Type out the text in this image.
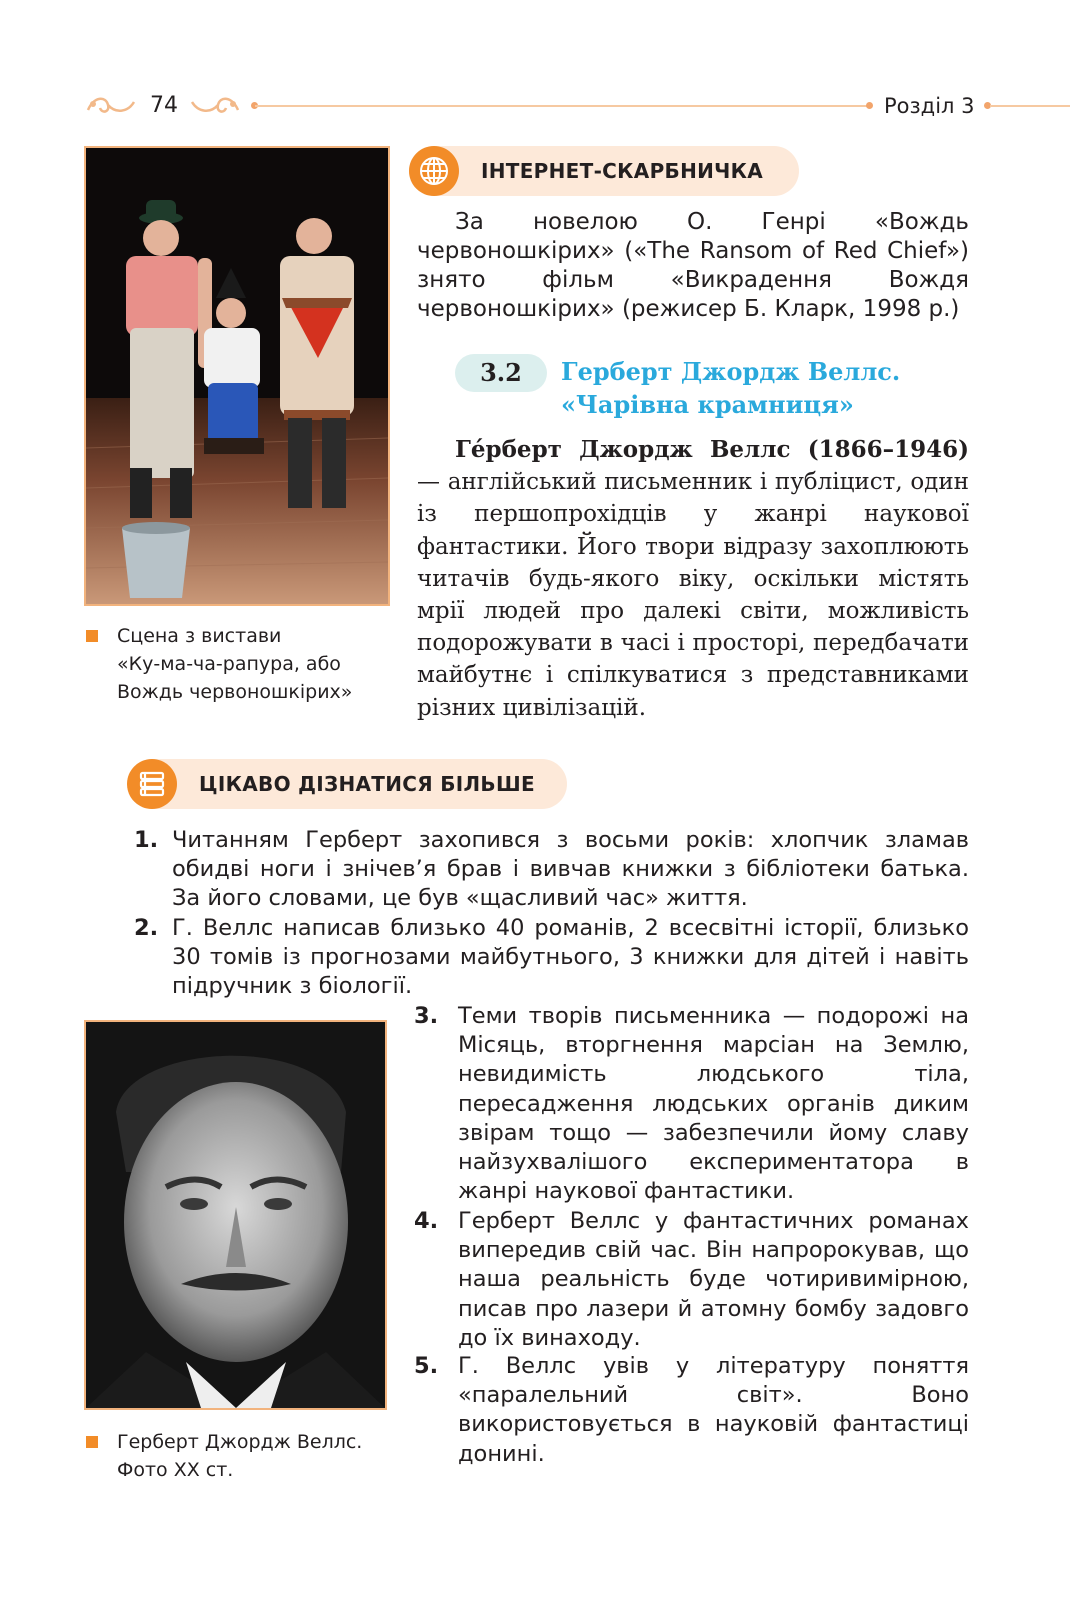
74	Розділ 3
Сцена з вистави
«Ку-ма-ча-рапура, або
Вождь червоношкірих»
ІНТЕРНЕТ-СКАРБНИЧКА
За новелою О. Генрі «Вождь червоношкірих» («The Ransom of Red Chief») знято фільм «Викрадення Вождя червоношкірих» (режисер Б. Кларк, 1998 р.)
3.2	Герберт Джордж Веллс.
«Чарівна крамниця»
Ге́рберт Джордж Веллс (1866–1946) — англійський письменник і публіцист, один із першопрохідців у жанрі наукової фантастики. Його твори відразу захоплюють читачів будь-якого віку, оскільки містять мрії людей про далекі світи, можливість подорожувати в часі і просторі, передбачати майбутнє і спілкуватися з представниками різних цивілізацій.
ЦІКАВО ДІЗНАТИСЯ БІЛЬШЕ
1. Читанням Герберт захопився з восьми років: хлопчик зламав обидві ноги і знічев’я брав і вивчав книжки з бібліотеки батька. За його словами, це був «щасливий час» життя.
2. Г. Веллс написав близько 40 романів, 2 всесвітні історії, близько 30 томів із прогнозами майбутнього, 3 книжки для дітей і навіть підручник з біології.
3. Теми творів письменника — подорожі на Місяць, вторгнення марсіан на Землю, невидимість людського тіла, пересадження людських органів диким звірам тощо — забезпечили йому славу найзухвалішого експериментатора в жанрі наукової фантастики.
4. Герберт Веллс у фантастичних романах випередив свій час. Він напророкував, що наша реальність буде чотиривимірною, писав про лазери й атомну бомбу задовго до їх винаходу.
5. Г. Веллс увів у літературу поняття «паралельний світ». Воно використовується в науковій фантастиці донині.
Герберт Джордж Веллс.
Фото XX ст.
